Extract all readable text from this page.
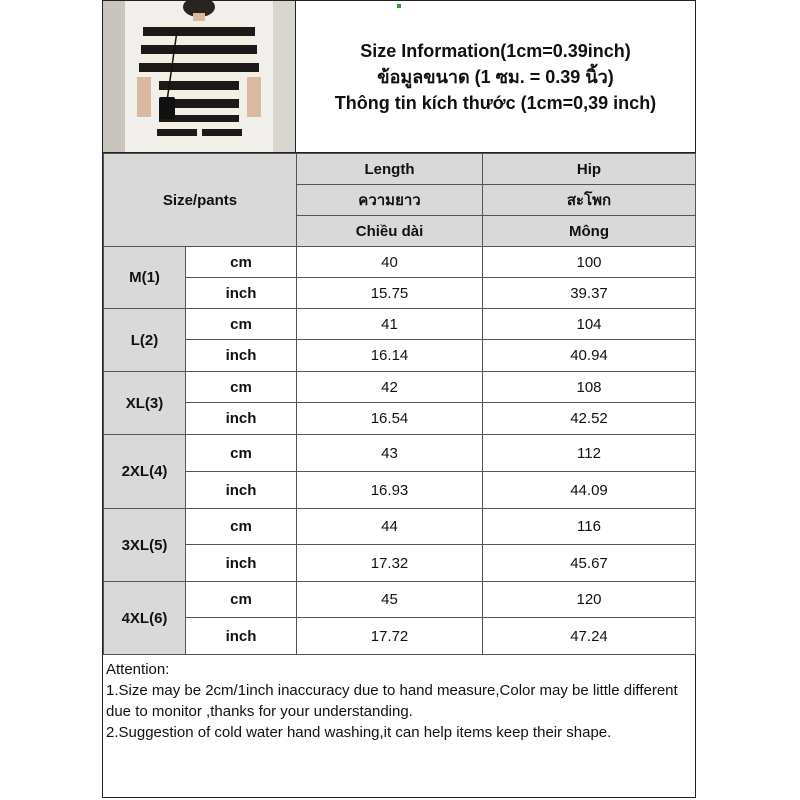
Size Information(1cm=0.39inch)
ข้อมูลขนาด (1 ซม. = 0.39 นิ้ว)
Thông tin kích thước (1cm=0,39 inch)
Size/pants		Length	Hip
		ความยาว	สะโพก
		Chiều dài	Mông
M(1)	cm	40	100
	inch	15.75	39.37
L(2)	cm	41	104
	inch	16.14	40.94
XL(3)	cm	42	108
	inch	16.54	42.52
2XL(4)	cm	43	112
	inch	16.93	44.09
3XL(5)	cm	44	116
	inch	17.32	45.67
4XL(6)	cm	45	120
	inch	17.72	47.24

Attention:

1.Size may be 2cm/1inch inaccuracy due to hand measure,Color may be little different due to monitor ,thanks for your understanding.

2.Suggestion of cold water hand washing,it can help items keep their shape.
